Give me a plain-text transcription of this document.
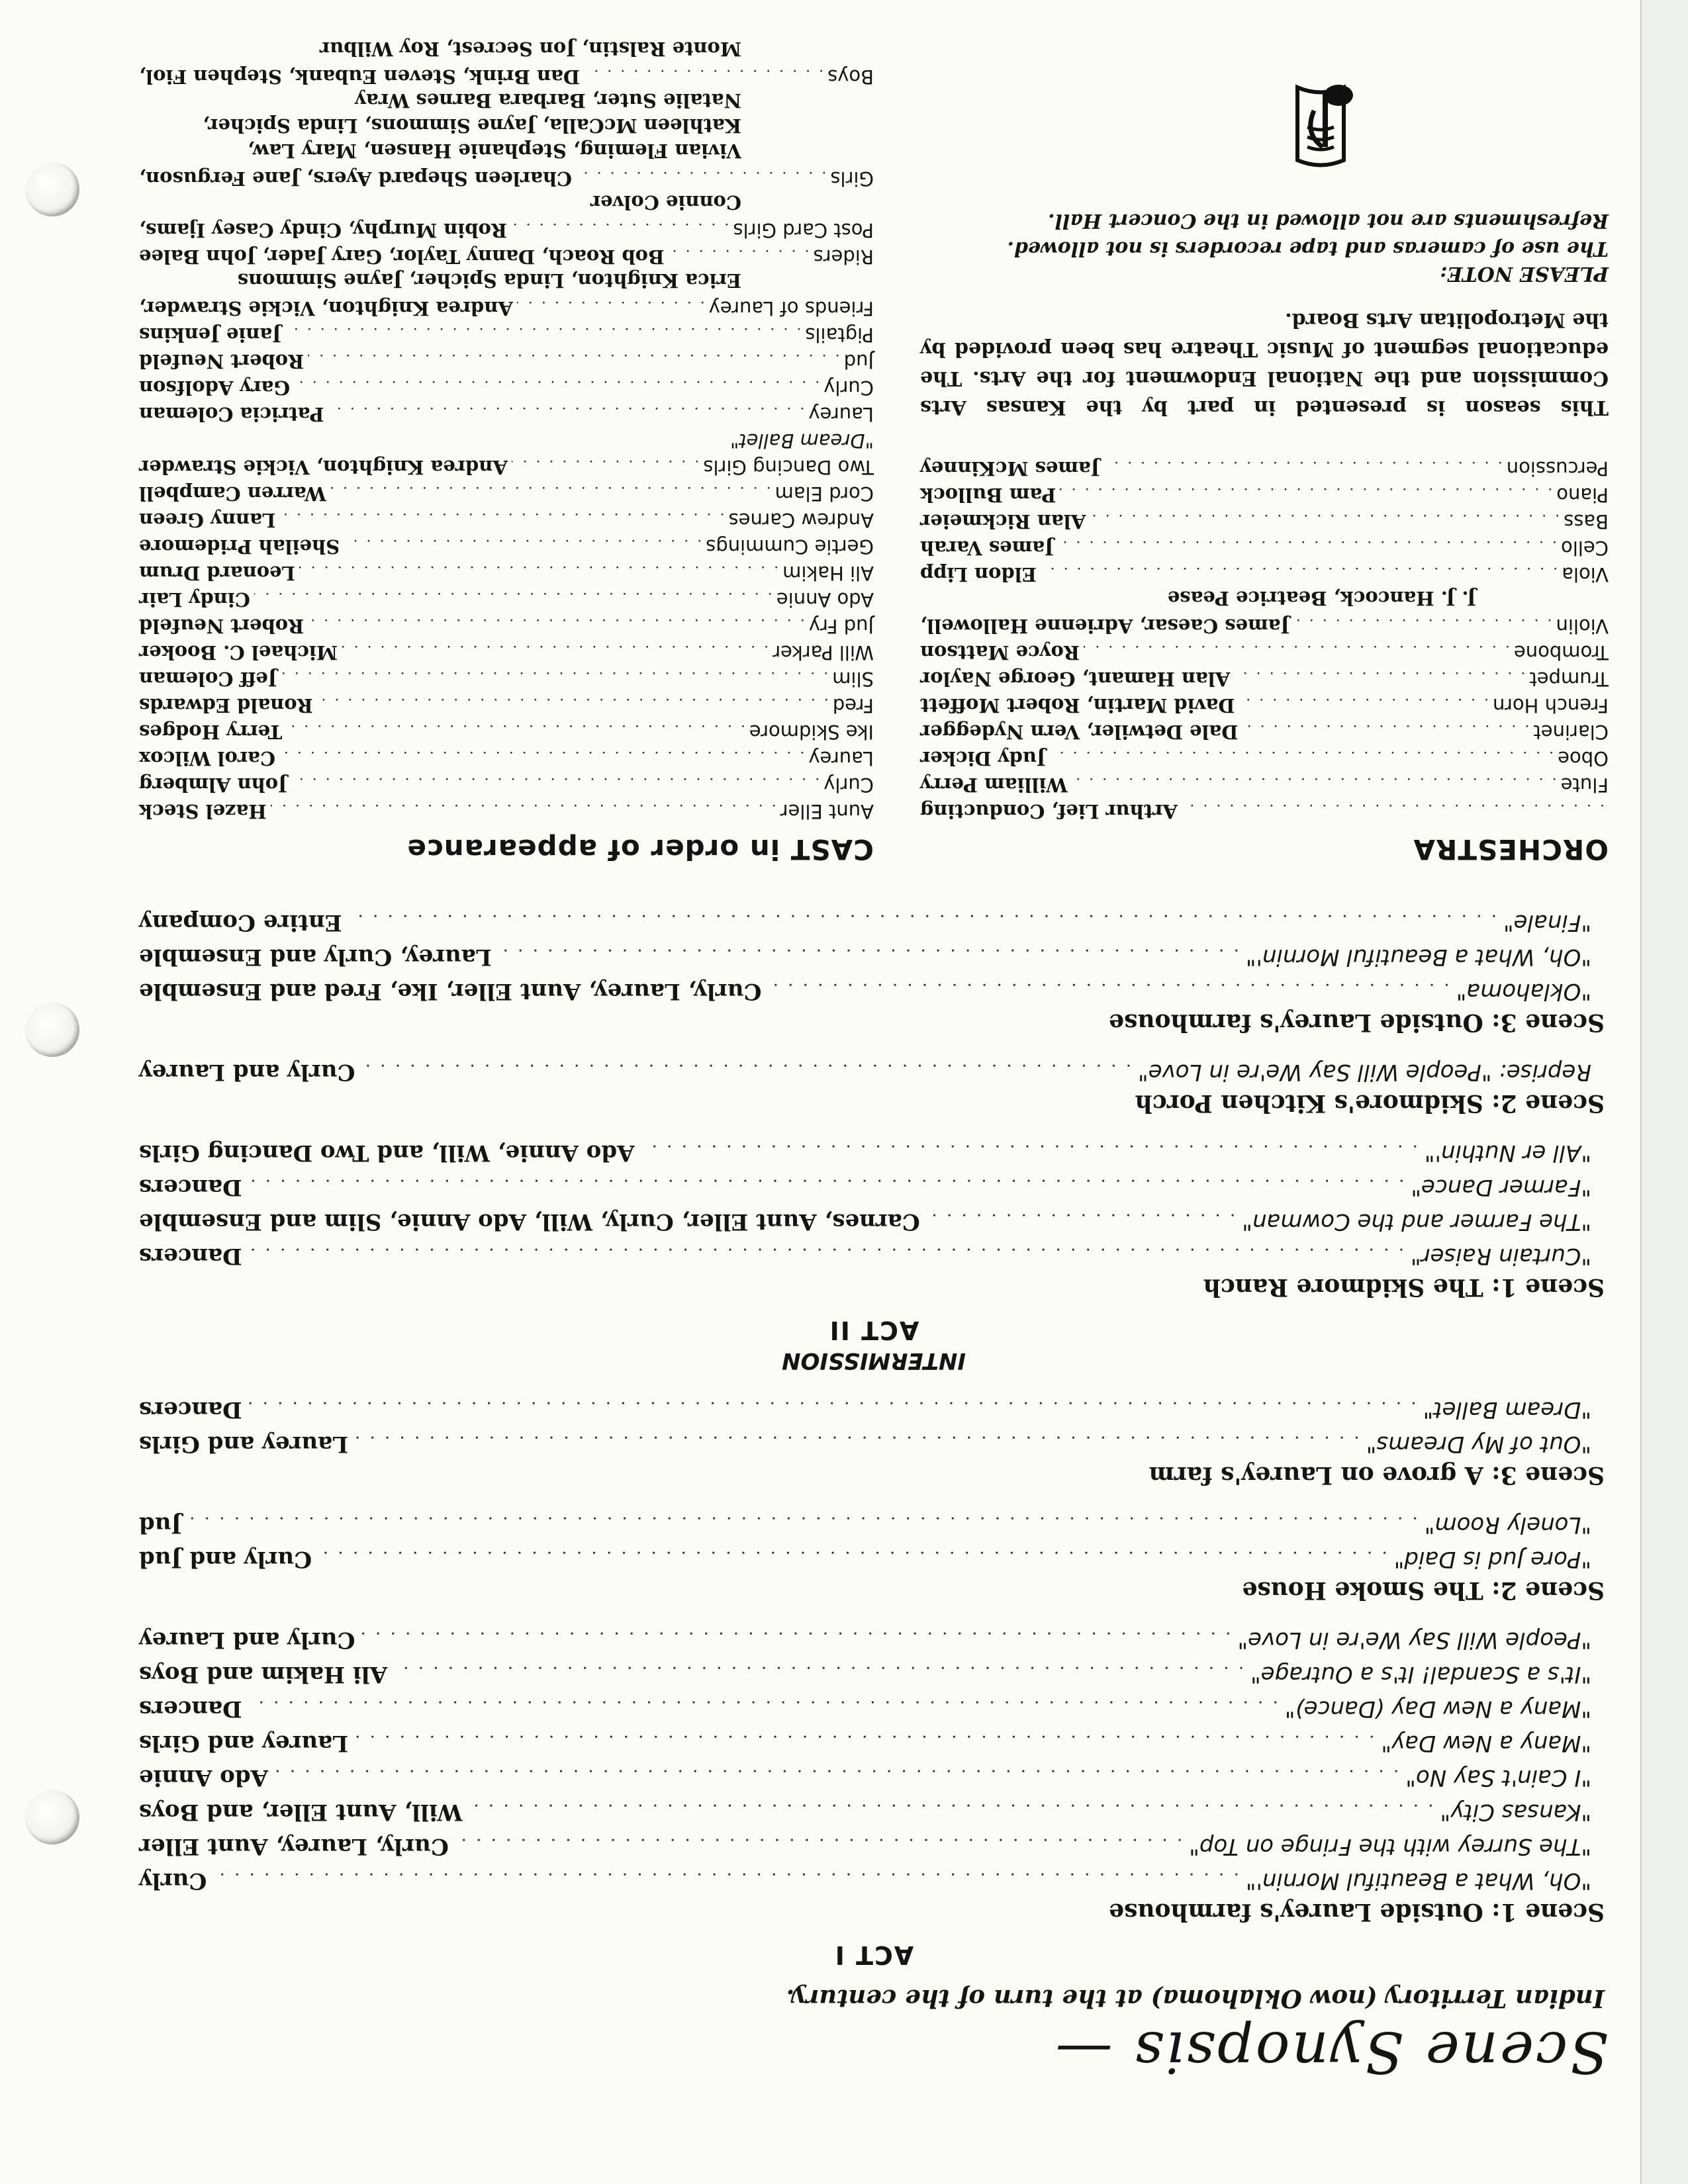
Scene Synopsis —
Indian Territory (now Oklahoma) at the turn of the century.
ACT I
Scene 1: Outside Laurey's farmhouse
"Oh, What a Beautiful Mornin'"
. . .
Curly
"The Surrey with the Fringe on Top"
. . .
Curly, Laurey, Aunt Eller
"Kansas City"
. . .
Will, Aunt Eller, and Boys
"I Cain't Say No"
. . .
Ado Annie
"Many a New Day"
. . .
Laurey and Girls
"Many a New Day (Dance)"
. . .
Dancers
"It's a Scandal! It's a Outrage"
. . .
Ali Hakim and Boys
"People Will Say We're in Love"
. . .
Curly and Laurey
Scene 2: The Smoke House
"Pore Jud is Daid"
. . .
Curly and Jud
"Lonely Room"
. . .
Jud
Scene 3: A grove on Laurey's farm
"Out of My Dreams"
. . .
Laurey and Girls
"Dream Ballet"
. . .
Dancers
INTERMISSION
ACT II
Scene 1: The Skidmore Ranch
"Curtain Raiser"
. . .
Dancers
"The Farmer and the Cowman"
. . .
Carnes, Aunt Eller, Curly, Will, Ado Annie, Slim and Ensemble
"Farmer Dance"
. . .
Dancers
"All er Nuthin'"
. . .
Ado Annie, Will, and Two Dancing Girls
Scene 2: Skidmore's Kitchen Porch
Reprise: "People Will Say We're in Love"
. . .
Curly and Laurey
Scene 3: Outside Laurey's farmhouse
"Oklahoma"
. . .
Curly, Laurey, Aunt Eller, Ike, Fred and Ensemble
"Oh, What a Beautiful Mornin'"
. . .
Laurey, Curly and Ensemble
"Finale"
. . .
Entire Company
ORCHESTRA
. . .
Arthur Lief, Conducting
Flute
. . .
William Perry
Oboe
. . .
Judy Dicker
Clarinet
. . .
Dale Detwiler, Vern Nydegger
French Horn
. . .
David Martin, Robert Moffett
Trumpet
. . .
Alan Hamant, George Naylor
Trombone
. . .
Royce Mattson
Violin
. . .
James Caesar, Adrienne Hallowell,
J. J. Hancock, Beatrice Pease
Viola
. . .
Eldon Lipp
Cello
. . .
James Varah
Bass
. . .
Alan Rickmeier
Piano
. . .
Pam Bullock
Percussion
. . .
James McKinney
This season is presented in part by the Kansas Arts Commission and the National Endowment for the Arts. The educational segment of Music Theatre has been provided by the Metropolitan Arts Board.
PLEASE NOTE:
The use of cameras and tape recorders is not allowed. Refreshments are not allowed in the Concert Hall.
CAST in order of appearance
Aunt Eller
. . .
Hazel Steck
Curly
. . .
John Almberg
Laurey
. . .
Carol Wilcox
Ike Skidmore
. . .
Terry Hodges
Fred
. . .
Ronald Edwards
Slim
. . .
Jeff Coleman
Will Parker
. . .
Michael C. Booker
Jud Fry
. . .
Robert Neufeld
Ado Annie
. . .
Cindy Lair
Ali Hakim
. . .
Leonard Drum
Gertie Cummings
. . .
Sheilah Pridemore
Andrew Carnes
. . .
Lanny Green
Cord Elam
. . .
Warren Campbell
Two Dancing Girls
. . .
Andrea Knighton, Vickie Strawder
"Dream Ballet"
Laurey
. . .
Patricia Coleman
Curly
. . .
Gary Adolfson
Jud
. . .
Robert Neufeld
Pigtails
. . .
Janie Jenkins
Friends of Laurey
. . .
Andrea Knighton, Vickie Strawder,
Erica Knighton, Linda Spicher, Jayne Simmons
Riders
. . .
Bob Roach, Danny Taylor, Gary Jader, John Balee
Post Card Girls
. . .
Robin Murphy, Cindy Casey Ijams,
Connie Colver
Girls
. . .
Charleen Shepard Ayers, Jane Ferguson,
Vivian Fleming, Stephanie Hansen, Mary Law,
Kathleen McCalla, Jayne Simmons, Linda Spicher,
Natalie Suter, Barbara Barnes Wray
Boys
. . .
Dan Brink, Steven Eubank, Stephen Fiol,
Monte Ralstin, Jon Secrest, Roy Wilbur
